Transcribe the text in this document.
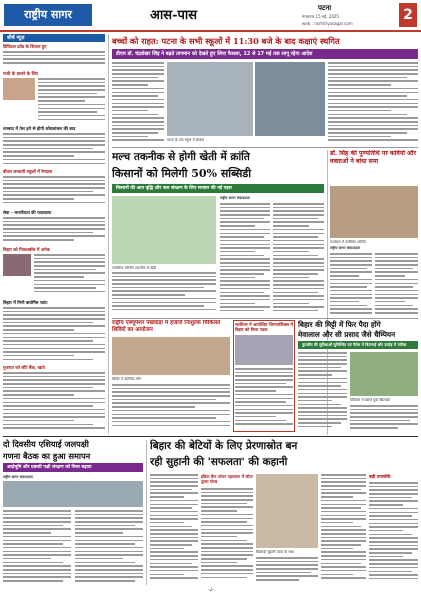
राष्ट्रीय सागर	आस-पास	पटना
मंगलवार 15 मई, 2025
web : rashtriyasagar.com
2
शीर्ष न्यूज़
डिजिटल फ्रॉड के शिकार हुए
गांधी के डालने के लिए
धनबाद में तेल ढ़ने से होगी कोयलांचल की बाद
बीएल सरकारी स्कूलों में रैमदास
सेवा - भारतीयता की पाठशाला
बिहार को पिकलबॉल में अनेक
बिहार में मिनी बायोगैस प्लांट
गुजरात को लौटे बैंक, खाते
बच्चों को राहत: पटना के सभी स्कूलों में 11:30 बजे के बाद कक्षाएं स्थगित
डीएम डॉ. चंद्रशेखर सिंह ने बढ़ते तापमान को देखते हुए लिया फैसला, 12 से 17 मई तक लागू रहेगा आदेश
पटना के एक स्कूल में छात्राएं
मल्च तकनीक से होगी खेती में क्रांति
किसानों को मिलेगी 50% सब्सिडी
किसानों की आय वृद्धि और जल संरक्षण के लिए सरकार की नई पहल
प्लास्टिक मल्चिंग तकनीक से खेती
राष्ट्रीय सागर संवाददाता
डॉ. सिंह की पुण्यतिथि पर कवियों और वक्ताओं ने बांधा समा
कार्यक्रम में उपस्थित अतिथि
राष्ट्रीय सागर संवाददाता
राष्ट्रीय एक्यूपेशर पखवाड़ा में हजारों निःशुल्क चिकित्सा शिविरों का आयोजन
शिविर में उपस्थित लोग
ग्वालियर में आयोजित जिमनास्टिक्स में बिहार को मिला पदक
बिहार की मिट्टी में फिर पैदा होंगे
मेवालाल और सी प्रसाद जैसे चैम्पियन
फुटबॉल की सुविधाओं सुनिश्चित एवं पैलेस में कितनाई और उत्पोड़ में नतीजा
स्टेडियम में खेलते युवा खिलाड़ी
दो दिवसीय एशियाई जलपक्षी
गणना बैठक का हुआ समापन
आर्द्रभूमि और प्रवासी पक्षी संरक्षण को मिला बढ़ावा
राष्ट्रीय सागर संवाददाता
बिहार की बेटियों के लिए प्रेरणास्रोत बन
रही सुहानी की 'सफलता' की कहानी
इंडिया कैंप ओपन पहलवान में जीता दूसरा गोल्ड
खिलाड़ी सुहानी पदक के साथ
बड़ी उपलब्धि
-2-
